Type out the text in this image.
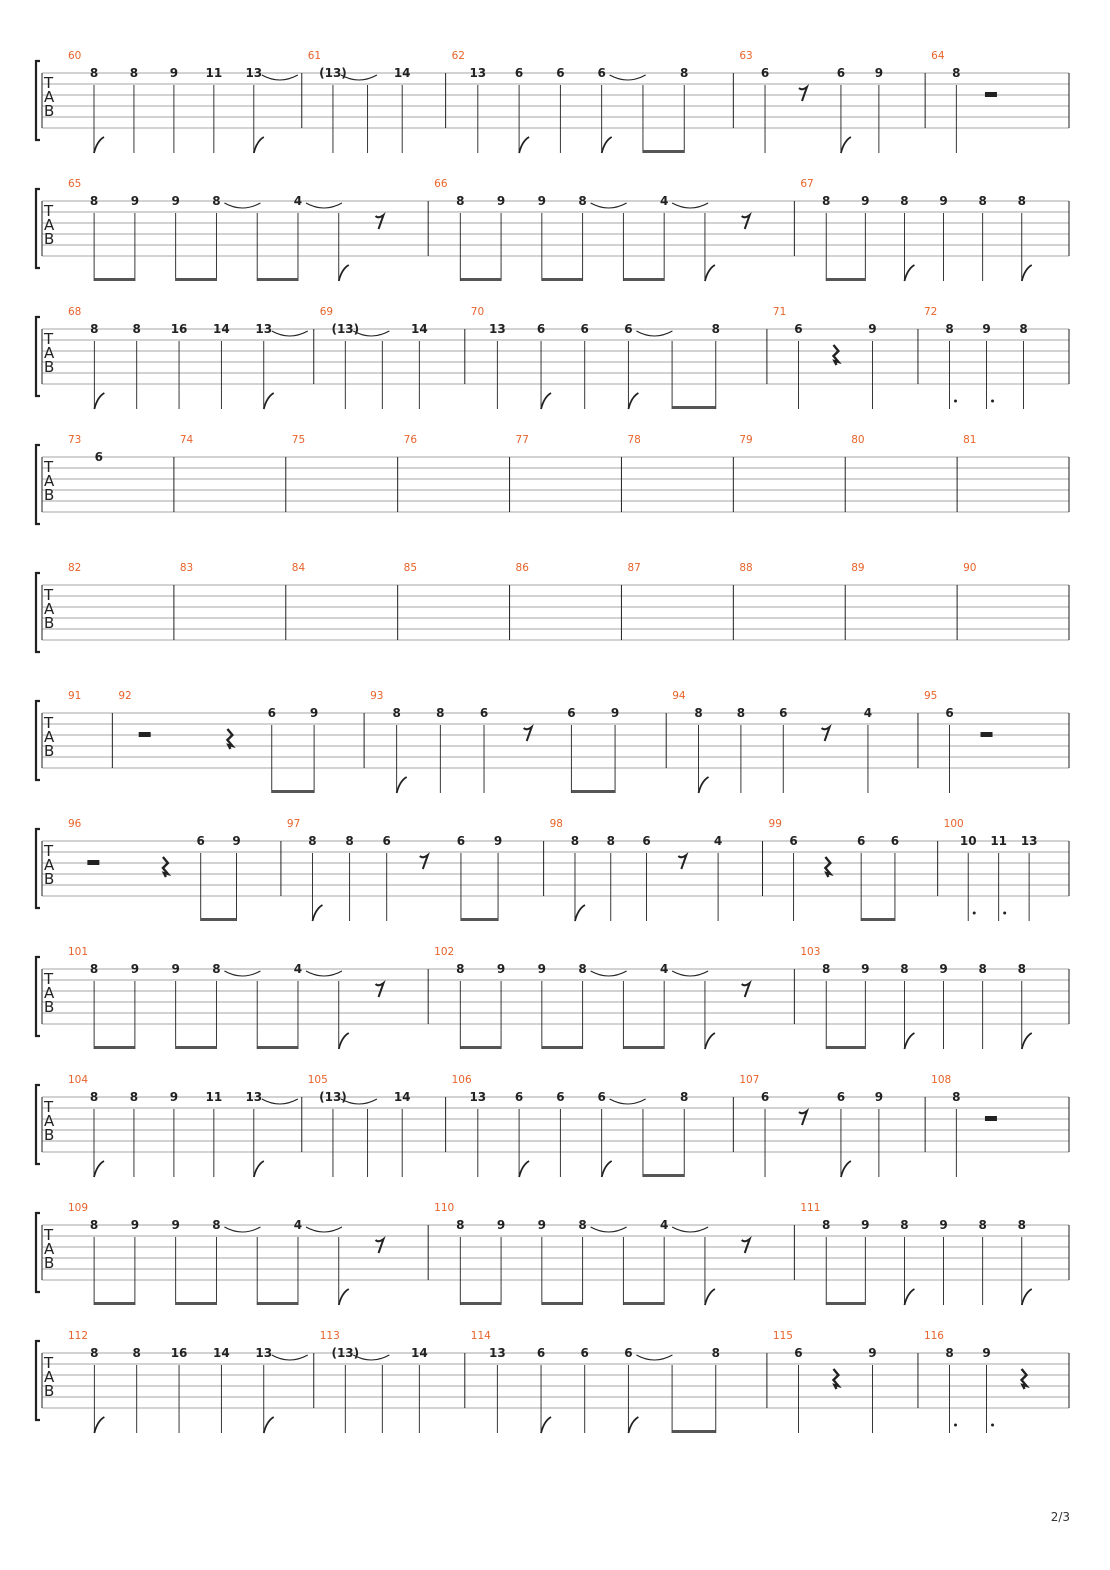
T
A
B
60
8	8	9 11 13
61
(13)	14
62
13 6	6	6	8
63
6	6 9
64
8
T
A
B
65
8	9	9	8	4
66
8	9	9	8	4
67
8	9	8	9	8	8
T
A
B
68
8	8 16 14 13
69
(13)	14
70
13	6	6	6	8
71
6	9
72
8 9 8
T
A
B
73
6
74	75	76	77	78	79	80	81
T
A
B
82	83	84	85	86	87	88	89	90
T
A
B
91	92
6	9
93
8	8	6	6	9
94
8	8	6	4
95
6
T
A
B
96
6 9
97
8 8 6	6 9
98
8 8 6	4
99
6	6 6
100
10 11 13
T
A
B
101
8	9	9	8	4
102
8	9	9	8	4
103
8	9	8	9	8	8
T
A
B
104
8	8	9 11 13
105
(13)	14
106
13 6	6	6	8
107
6	6 9
108
8
T
A
B
109
8	9	9	8	4
110
8	9	9	8	4
111
8	9	8	9	8	8
T
A
B
112
8	8 16 14 13
113
(13)	14
114
13	6	6	6	8
115
6	9
116
8 9
2/3
